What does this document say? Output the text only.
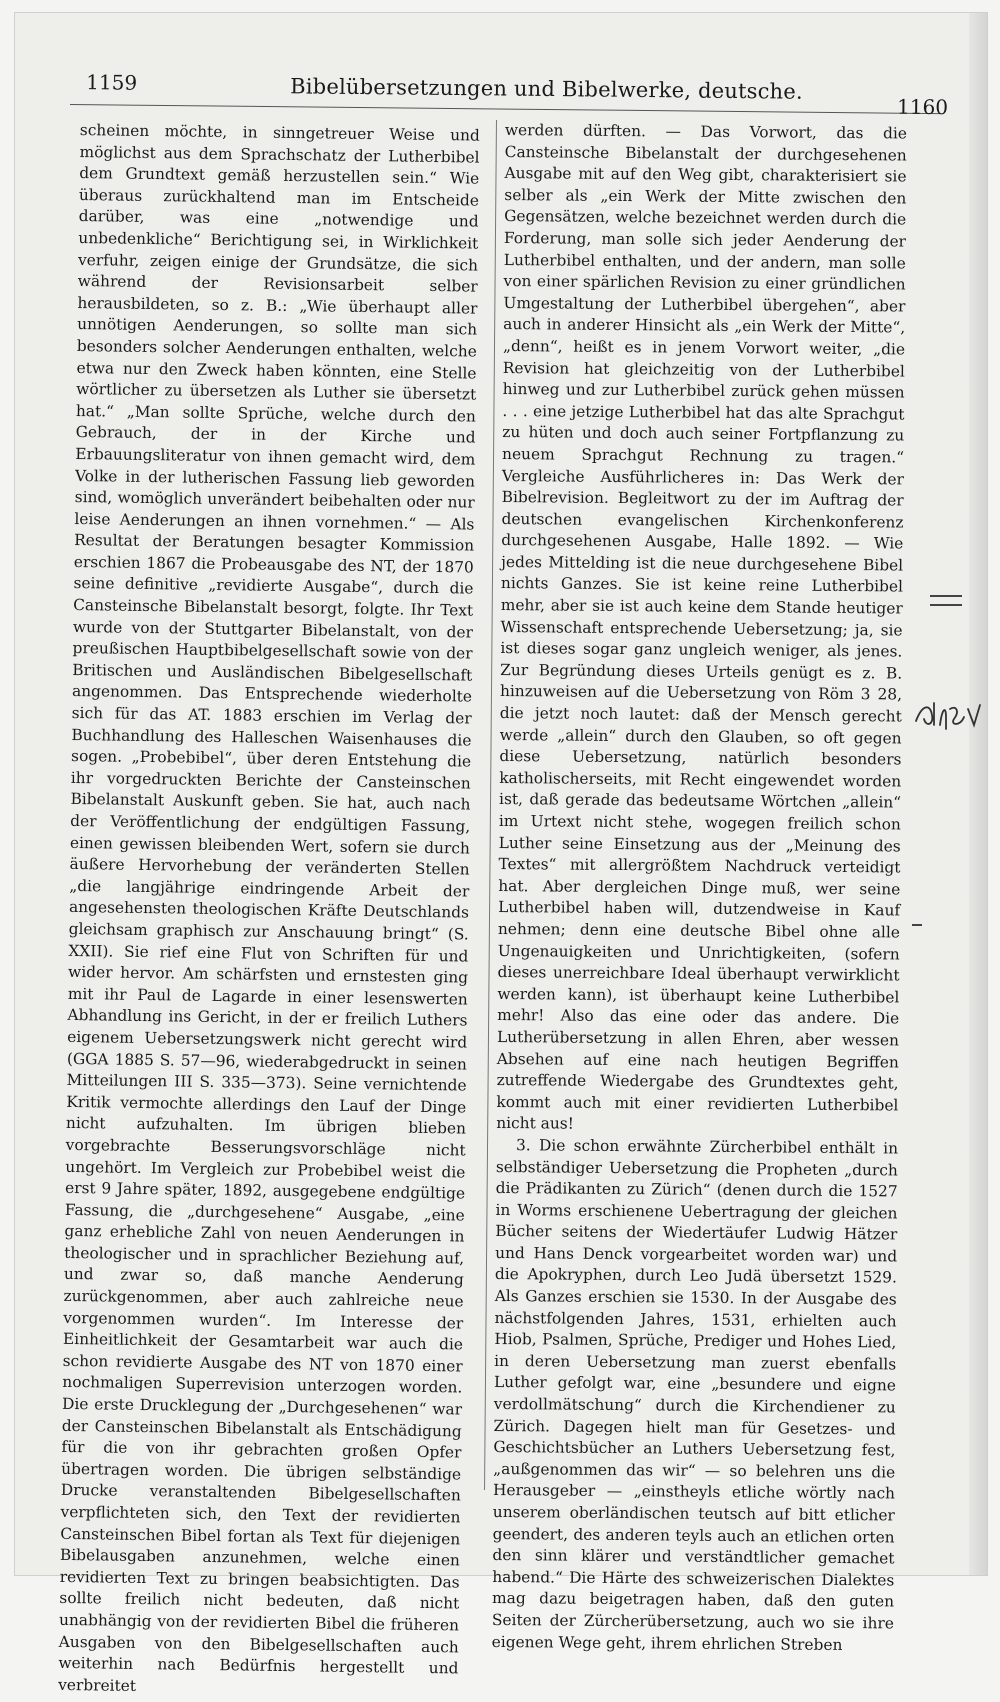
1159	Bibelübersetzungen und Bibelwerke, deutsche.
1160

scheinen möchte, in sinngetreuer Weise und möglichst aus dem Sprachschatz der Lutherbibel dem Grundtext gemäß herzustellen sein.“ Wie überaus zurückhaltend man im Entscheide darüber, was eine „notwendige und unbedenkliche“ Berichtigung sei, in Wirklichkeit verfuhr, zeigen einige der Grundsätze, die sich während der Revisionsarbeit selber herausbildeten, so z. B.: „Wie überhaupt aller unnötigen Aenderungen, so sollte man sich besonders solcher Aenderungen enthalten, welche etwa nur den Zweck haben könnten, eine Stelle wörtlicher zu übersetzen als Luther sie übersetzt hat.“ „Man sollte Sprüche, welche durch den Gebrauch, der in der Kirche und Erbauungsliteratur von ihnen gemacht wird, dem Volke in der lutherischen Fassung lieb geworden sind, womöglich unverändert beibehalten oder nur leise Aenderungen an ihnen vornehmen.“ — Als Resultat der Beratungen besagter Kommission erschien 1867 die Probeausgabe des NT, der 1870 seine definitive „revidierte Ausgabe“, durch die Cansteinsche Bibelanstalt besorgt, folgte. Ihr Text wurde von der Stuttgarter Bibelanstalt, von der preußischen Hauptbibelgesellschaft sowie von der Britischen und Ausländischen Bibelgesellschaft angenommen. Das Entsprechende wiederholte sich für das AT. 1883 erschien im Verlag der Buchhandlung des Halleschen Waisenhauses die sogen. „Probebibel“, über deren Entstehung die ihr vorgedruckten Berichte der Cansteinschen Bibelanstalt Auskunft geben. Sie hat, auch nach der Veröffentlichung der endgültigen Fassung, einen gewissen bleibenden Wert, sofern sie durch äußere Hervorhebung der veränderten Stellen „die langjährige eindringende Arbeit der angesehensten theologischen Kräfte Deutschlands gleichsam graphisch zur Anschauung bringt“ (S. XXII). Sie rief eine Flut von Schriften für und wider hervor. Am schärfsten und ernstesten ging mit ihr Paul de Lagarde in einer lesenswerten Abhandlung ins Gericht, in der er freilich Luthers eigenem Uebersetzungswerk nicht gerecht wird (GGA 1885 S. 57—96, wiederabgedruckt in seinen Mitteilungen III S. 335—373). Seine vernichtende Kritik vermochte allerdings den Lauf der Dinge nicht aufzuhalten. Im übrigen blieben vorgebrachte Besserungsvorschläge nicht ungehört. Im Vergleich zur Probebibel weist die erst 9 Jahre später, 1892, ausgegebene endgültige Fassung, die „durchgesehene“ Ausgabe, „eine ganz erhebliche Zahl von neuen Aenderungen in theologischer und in sprachlicher Beziehung auf, und zwar so, daß manche Aenderung zurückgenommen, aber auch zahlreiche neue vorgenommen wurden“. Im Interesse der Einheitlichkeit der Gesamtarbeit war auch die schon revidierte Ausgabe des NT von 1870 einer nochmaligen Superrevision unterzogen worden. Die erste Drucklegung der „Durchgesehenen“ war der Cansteinschen Bibelanstalt als Entschädigung für die von ihr gebrachten großen Opfer übertragen worden. Die übrigen selbständige Drucke veranstaltenden Bibelgesellschaften verpflichteten sich, den Text der revidierten Cansteinschen Bibel fortan als Text für diejenigen Bibelausgaben anzunehmen, welche einen revidierten Text zu bringen beabsichtigten. Das sollte freilich nicht bedeuten, daß nicht unabhängig von der revidierten Bibel die früheren Ausgaben von den Bibelgesellschaften auch weiterhin nach Bedürfnis hergestellt und verbreitet

werden dürften. — Das Vorwort, das die Cansteinsche Bibelanstalt der durchgesehenen Ausgabe mit auf den Weg gibt, charakterisiert sie selber als „ein Werk der Mitte zwischen den Gegensätzen, welche bezeichnet werden durch die Forderung, man solle sich jeder Aenderung der Lutherbibel enthalten, und der andern, man solle von einer spärlichen Revision zu einer gründlichen Umgestaltung der Lutherbibel übergehen“, aber auch in anderer Hinsicht als „ein Werk der Mitte“, „denn“, heißt es in jenem Vorwort weiter, „die Revision hat gleichzeitig von der Lutherbibel hinweg und zur Lutherbibel zurück gehen müssen . . . eine jetzige Lutherbibel hat das alte Sprachgut zu hüten und doch auch seiner Fortpflanzung zu neuem Sprachgut Rechnung zu tragen.“ Vergleiche Ausführlicheres in: Das Werk der Bibelrevision. Begleitwort zu der im Auftrag der deutschen evangelischen Kirchenkonferenz durchgesehenen Ausgabe, Halle 1892. — Wie jedes Mittelding ist die neue durchgesehene Bibel nichts Ganzes. Sie ist keine reine Lutherbibel mehr, aber sie ist auch keine dem Stande heutiger Wissenschaft entsprechende Uebersetzung; ja, sie ist dieses sogar ganz ungleich weniger, als jenes. Zur Begründung dieses Urteils genügt es z. B. hinzuweisen auf die Uebersetzung von Röm 3 28, die jetzt noch lautet: daß der Mensch gerecht werde „allein“ durch den Glauben, so oft gegen diese Uebersetzung, natürlich besonders katholischerseits, mit Recht eingewendet worden ist, daß gerade das bedeutsame Wörtchen „allein“ im Urtext nicht stehe, wogegen freilich schon Luther seine Einsetzung aus der „Meinung des Textes“ mit allergrößtem Nachdruck verteidigt hat. Aber dergleichen Dinge muß, wer seine Lutherbibel haben will, dutzendweise in Kauf nehmen; denn eine deutsche Bibel ohne alle Ungenauigkeiten und Unrichtigkeiten, (sofern dieses unerreichbare Ideal überhaupt verwirklicht werden kann), ist überhaupt keine Lutherbibel mehr! Also das eine oder das andere. Die Lutherübersetzung in allen Ehren, aber wessen Absehen auf eine nach heutigen Begriffen zutreffende Wiedergabe des Grundtextes geht, kommt auch mit einer revidierten Lutherbibel nicht aus!

3. Die schon erwähnte Zürcherbibel enthält in selbständiger Uebersetzung die Propheten „durch die Prädikanten zu Zürich“ (denen durch die 1527 in Worms erschienene Uebertragung der gleichen Bücher seitens der Wiedertäufer Ludwig Hätzer und Hans Denck vorgearbeitet worden war) und die Apokryphen, durch Leo Judä übersetzt 1529. Als Ganzes erschien sie 1530. In der Ausgabe des nächstfolgenden Jahres, 1531, erhielten auch Hiob, Psalmen, Sprüche, Prediger und Hohes Lied, in deren Uebersetzung man zuerst ebenfalls Luther gefolgt war, eine „besundere und eigne verdollmätschung“ durch die Kirchendiener zu Zürich. Dagegen hielt man für Gesetzes- und Geschichtsbücher an Luthers Uebersetzung fest, „außgenommen das wir“ — so belehren uns die Herausgeber — „einstheyls etliche wörtly nach unserem oberländischen teutsch auf bitt etlicher geendert, des anderen teyls auch an etlichen orten den sinn klärer und verständtlicher gemachet habend.“ Die Härte des schweizerischen Dialektes mag dazu beigetragen haben, daß den guten Seiten der Zürcherübersetzung, auch wo sie ihre eigenen Wege geht, ihrem ehrlichen Streben
